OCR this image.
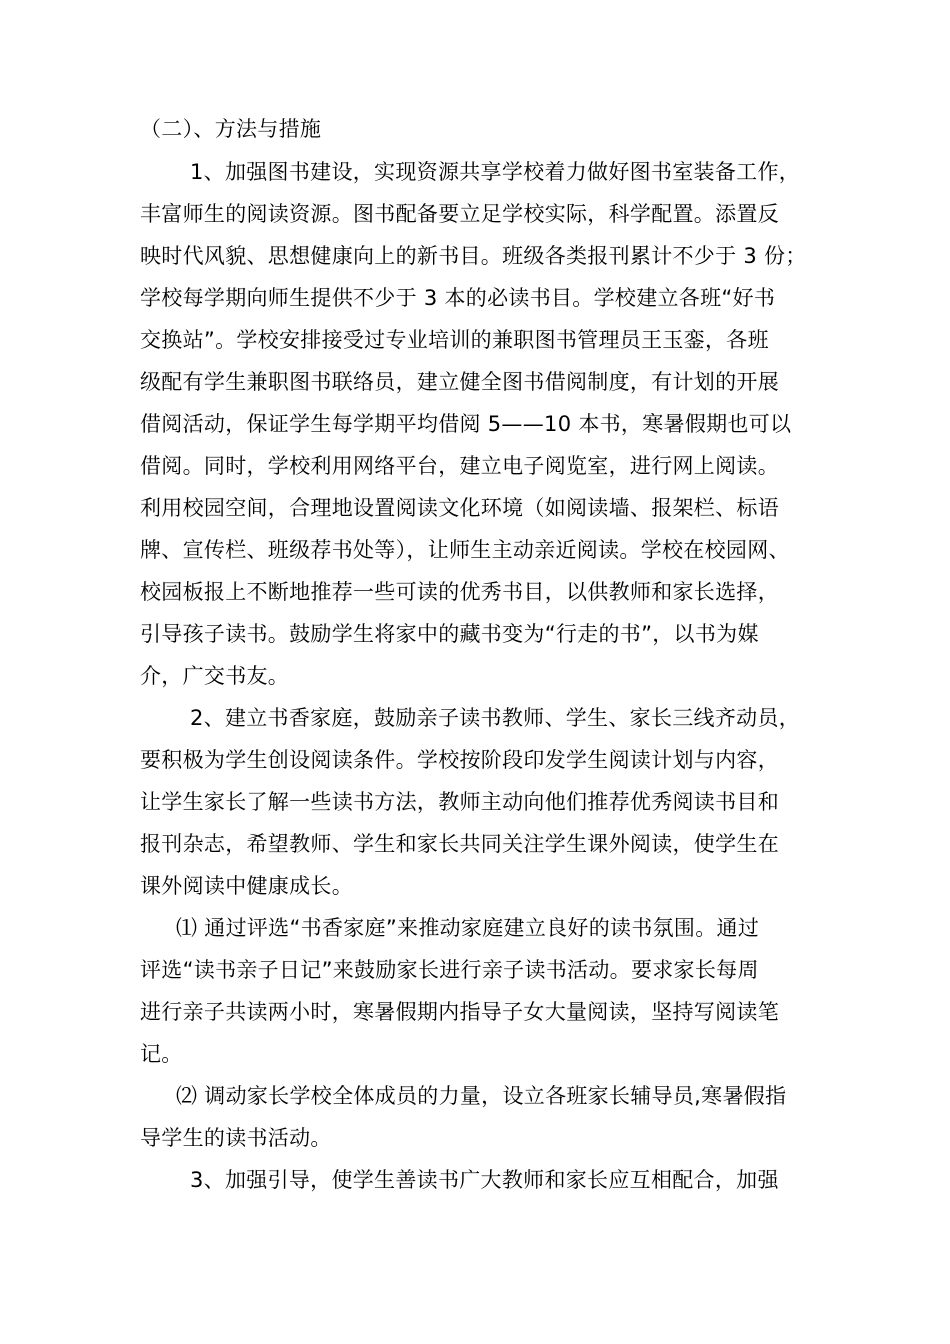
（二）、方法与措施
1、加强图书建设，实现资源共享学校着力做好图书室装备工作，
丰富师生的阅读资源。图书配备要立足学校实际，科学配置。添置反
映时代风貌、思想健康向上的新书目。班级各类报刊累计不少于 3 份；
学校每学期向师生提供不少于 3 本的必读书目。学校建立各班“好书
交换站”。学校安排接受过专业培训的兼职图书管理员王玉銮，各班
级配有学生兼职图书联络员，建立健全图书借阅制度，有计划的开展
借阅活动，保证学生每学期平均借阅 5——10 本书，寒暑假期也可以
借阅。同时，学校利用网络平台，建立电子阅览室，进行网上阅读。
利用校园空间，合理地设置阅读文化环境（如阅读墙、报架栏、标语
牌、宣传栏、班级荐书处等），让师生主动亲近阅读。学校在校园网、
校园板报上不断地推荐一些可读的优秀书目，以供教师和家长选择，
引导孩子读书。鼓励学生将家中的藏书变为“行走的书”，以书为媒
介，广交书友。
2、建立书香家庭，鼓励亲子读书教师、学生、家长三线齐动员，
要积极为学生创设阅读条件。学校按阶段印发学生阅读计划与内容，
让学生家长了解一些读书方法，教师主动向他们推荐优秀阅读书目和
报刊杂志，希望教师、学生和家长共同关注学生课外阅读，使学生在
课外阅读中健康成长。
⑴ 通过评选“书香家庭”来推动家庭建立良好的读书氛围。通过
评选“读书亲子日记”来鼓励家长进行亲子读书活动。要求家长每周
进行亲子共读两小时，寒暑假期内指导子女大量阅读，坚持写阅读笔
记。
⑵ 调动家长学校全体成员的力量，设立各班家长辅导员,寒暑假指
导学生的读书活动。
3、加强引导，使学生善读书广大教师和家长应互相配合，加强
